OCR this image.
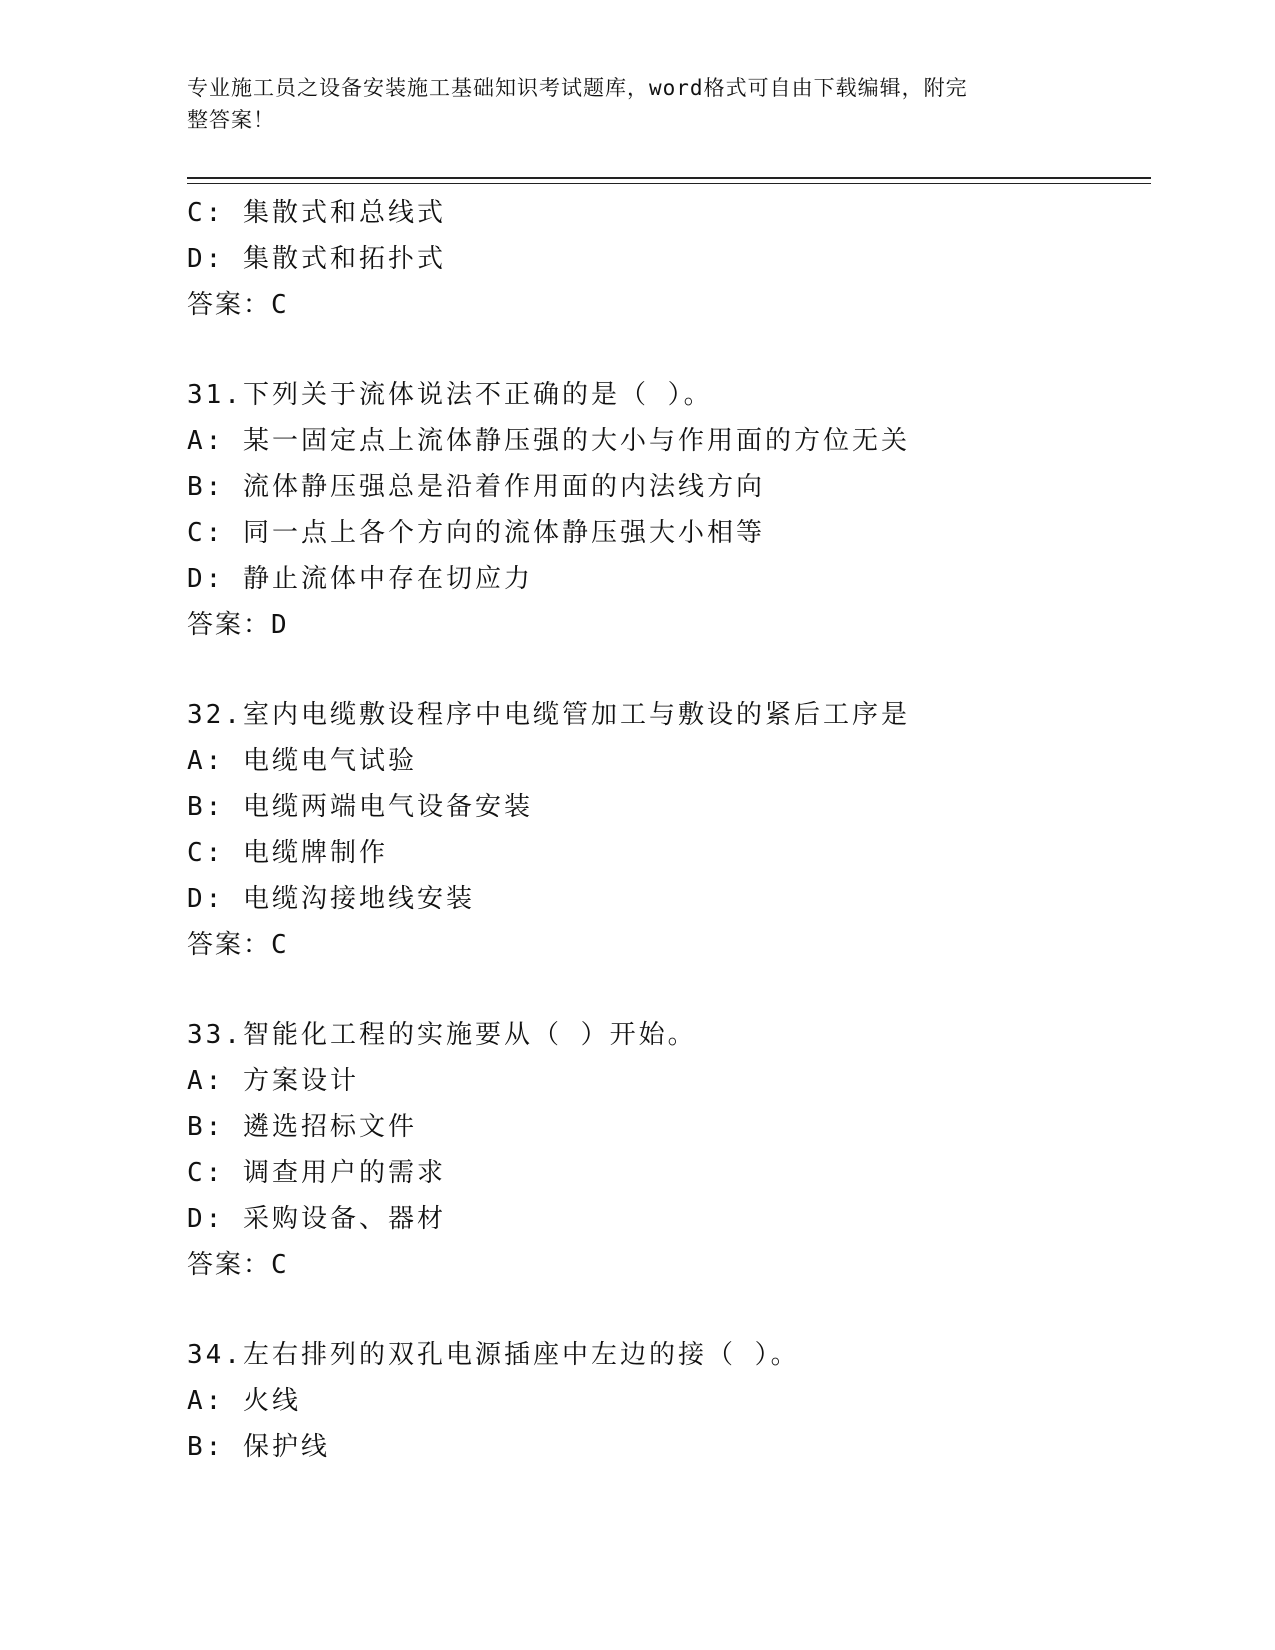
专业施工员之设备安装施工基础知识考试题库，word格式可自由下载编辑，附完
整答案！
C: 集散式和总线式
D: 集散式和拓扑式
答案：C
31.下列关于流体说法不正确的是（ ）。
A: 某一固定点上流体静压强的大小与作用面的方位无关
B: 流体静压强总是沿着作用面的内法线方向
C: 同一点上各个方向的流体静压强大小相等
D: 静止流体中存在切应力
答案：D
32.室内电缆敷设程序中电缆管加工与敷设的紧后工序是
A: 电缆电气试验
B: 电缆两端电气设备安装
C: 电缆牌制作
D: 电缆沟接地线安装
答案：C
33.智能化工程的实施要从（ ）开始。
A: 方案设计
B: 遴选招标文件
C: 调查用户的需求
D: 采购设备、器材
答案：C
34.左右排列的双孔电源插座中左边的接（ ）。
A: 火线
B: 保护线
